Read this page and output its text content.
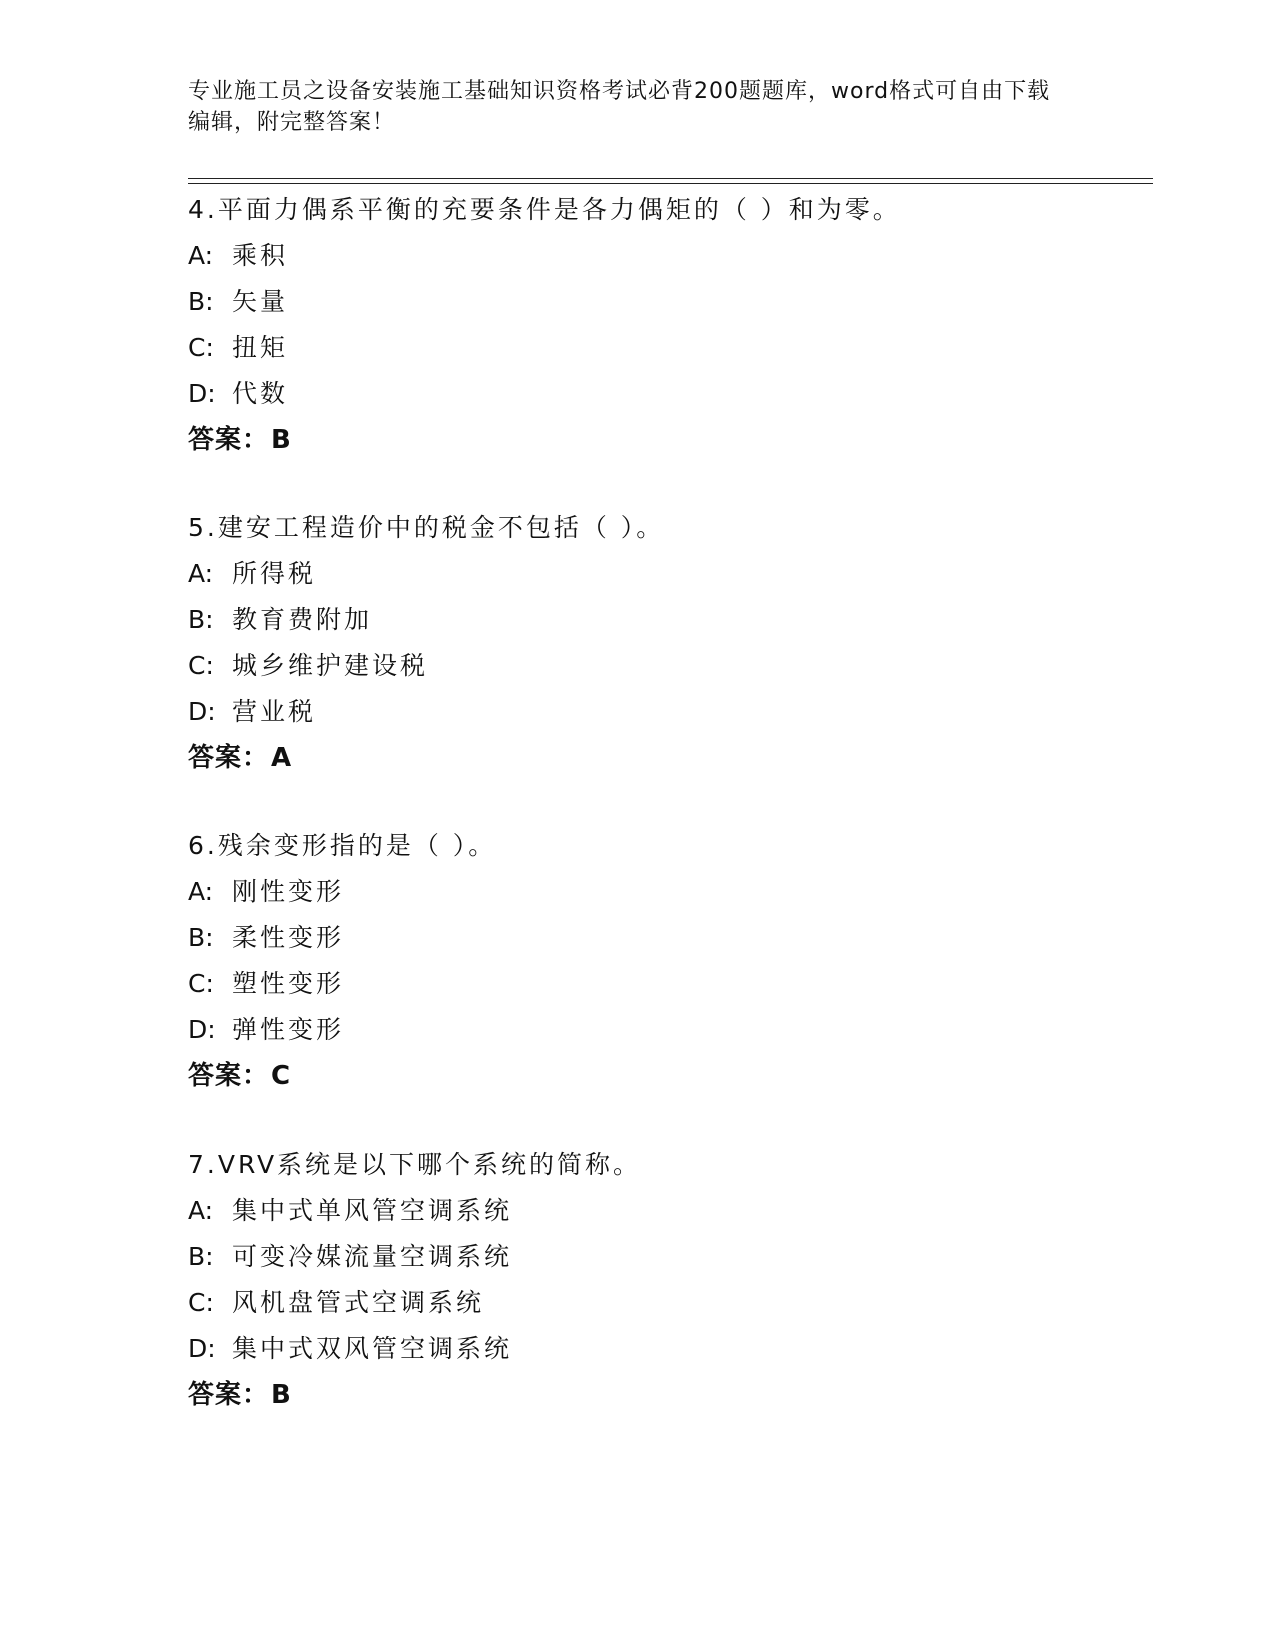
专业施工员之设备安装施工基础知识资格考试必背200题题库，word格式可自由下载编辑，附完整答案！

4.平面力偶系平衡的充要条件是各力偶矩的（ ）和为零。
A: 乘积
B: 矢量
C: 扭矩
D: 代数
答案：B
5.建安工程造价中的税金不包括（ ）。
A: 所得税
B: 教育费附加
C: 城乡维护建设税
D: 营业税
答案：A
6.残余变形指的是（ ）。
A: 刚性变形
B: 柔性变形
C: 塑性变形
D: 弹性变形
答案：C
7.VRV系统是以下哪个系统的简称。
A: 集中式单风管空调系统
B: 可变冷媒流量空调系统
C: 风机盘管式空调系统
D: 集中式双风管空调系统
答案：B
